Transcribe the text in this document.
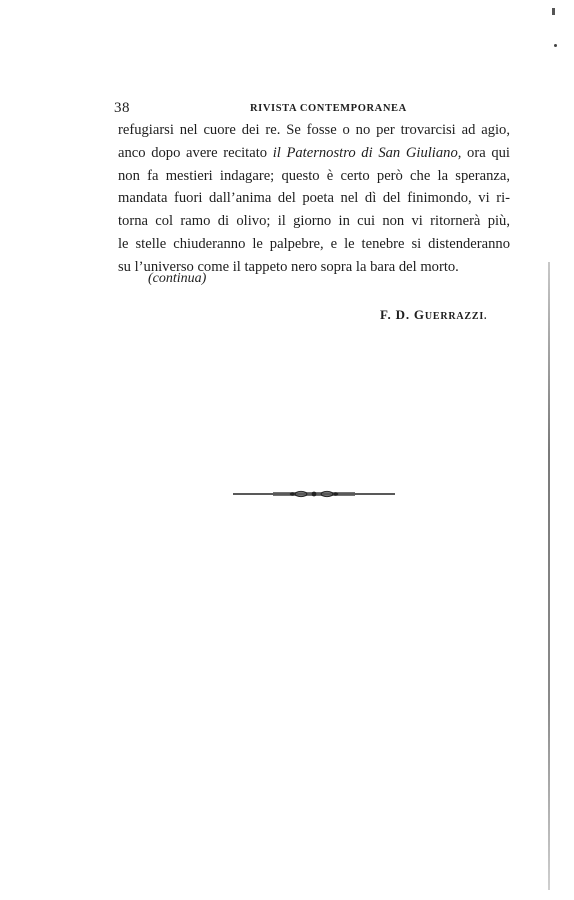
38	RIVISTA CONTEMPORANEA
refugiarsi nel cuore dei re. Se fosse o no per trovarcisi ad agio,
anco dopo avere recitato il Paternostro di San Giuliano, ora qui
non fa mestieri indagare; questo è certo però che la speranza,
mandata fuori dall’anima del poeta nel dì del finimondo, vi ri-
torna col ramo di olivo; il giorno in cui non vi ritornerà più,
le stelle chiuderanno le palpebre, e le tenebre si distenderanno
su l’universo come il tappeto nero sopra la bara del morto.
(continua)
F. D. GUERRAZZI.
